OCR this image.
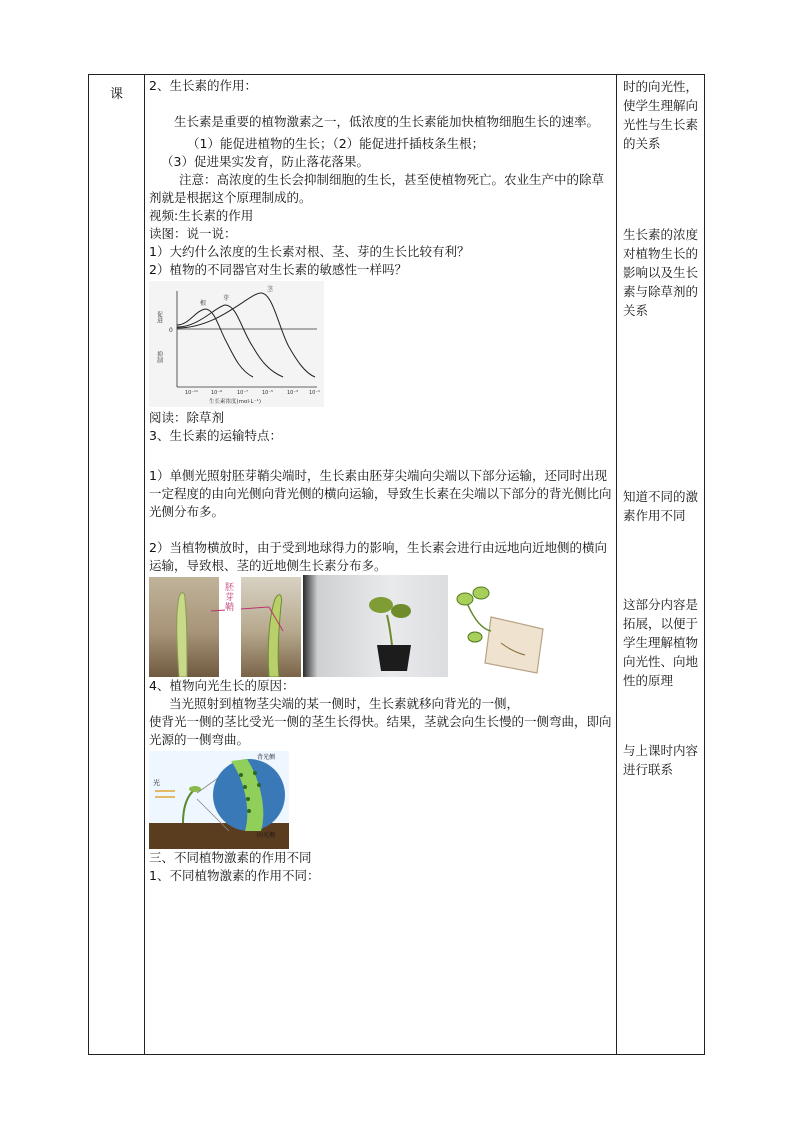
课

2、生长素的作用：

生长素是重要的植物激素之一，低浓度的生长素能加快植物细胞生长的速率。

（1）能促进植物的生长；（2）能促进扦插枝条生根；

（3）促进果实发育，防止落花落果。

注意：高浓度的生长会抑制细胞的生长，甚至使植物死亡。农业生产中的除草剂就是根据这个原理制成的。

视频:生长素的作用

读图：说一说：

1）大约什么浓度的生长素对根、茎、芽的生长比较有利？

2）植物的不同器官对生长素的敏感性一样吗？

促进
抑制
0
根
芽
茎
10⁻¹¹	10⁻⁹	10⁻⁷	10⁻⁵	10⁻³ 10⁻¹
生长素浓度(mol·L⁻¹)

阅读：除草剂

3、生长素的运输特点：

1）单侧光照射胚芽鞘尖端时，生长素由胚芽尖端向尖端以下部分运输，还同时出现一定程度的由向光侧向背光侧的横向运输，导致生长素在尖端以下部分的背光侧比向光侧分布多。

2）当植物横放时，由于受到地球得力的影响，生长素会进行由远地向近地侧的横向运输，导致根、茎的近地侧生长素分布多。

胚芽鞘

4、植物向光生长的原因：

当光照射到植物茎尖端的某一侧时，生长素就移向背光的一侧，

使背光一侧的茎比受光一侧的茎生长得快。结果，茎就会向生长慢的一侧弯曲，即向光源的一侧弯曲。

光
背光侧
向光侧

三、不同植物激素的作用不同

1、不同植物激素的作用不同：

时的向光性，使学生理解向光性与生长素的关系
生长素的浓度对植物生长的影响以及生长素与除草剂的关系
知道不同的激素作用不同
这部分内容是拓展，以便于学生理解植物向光性、向地性的原理
与上课时内容进行联系
